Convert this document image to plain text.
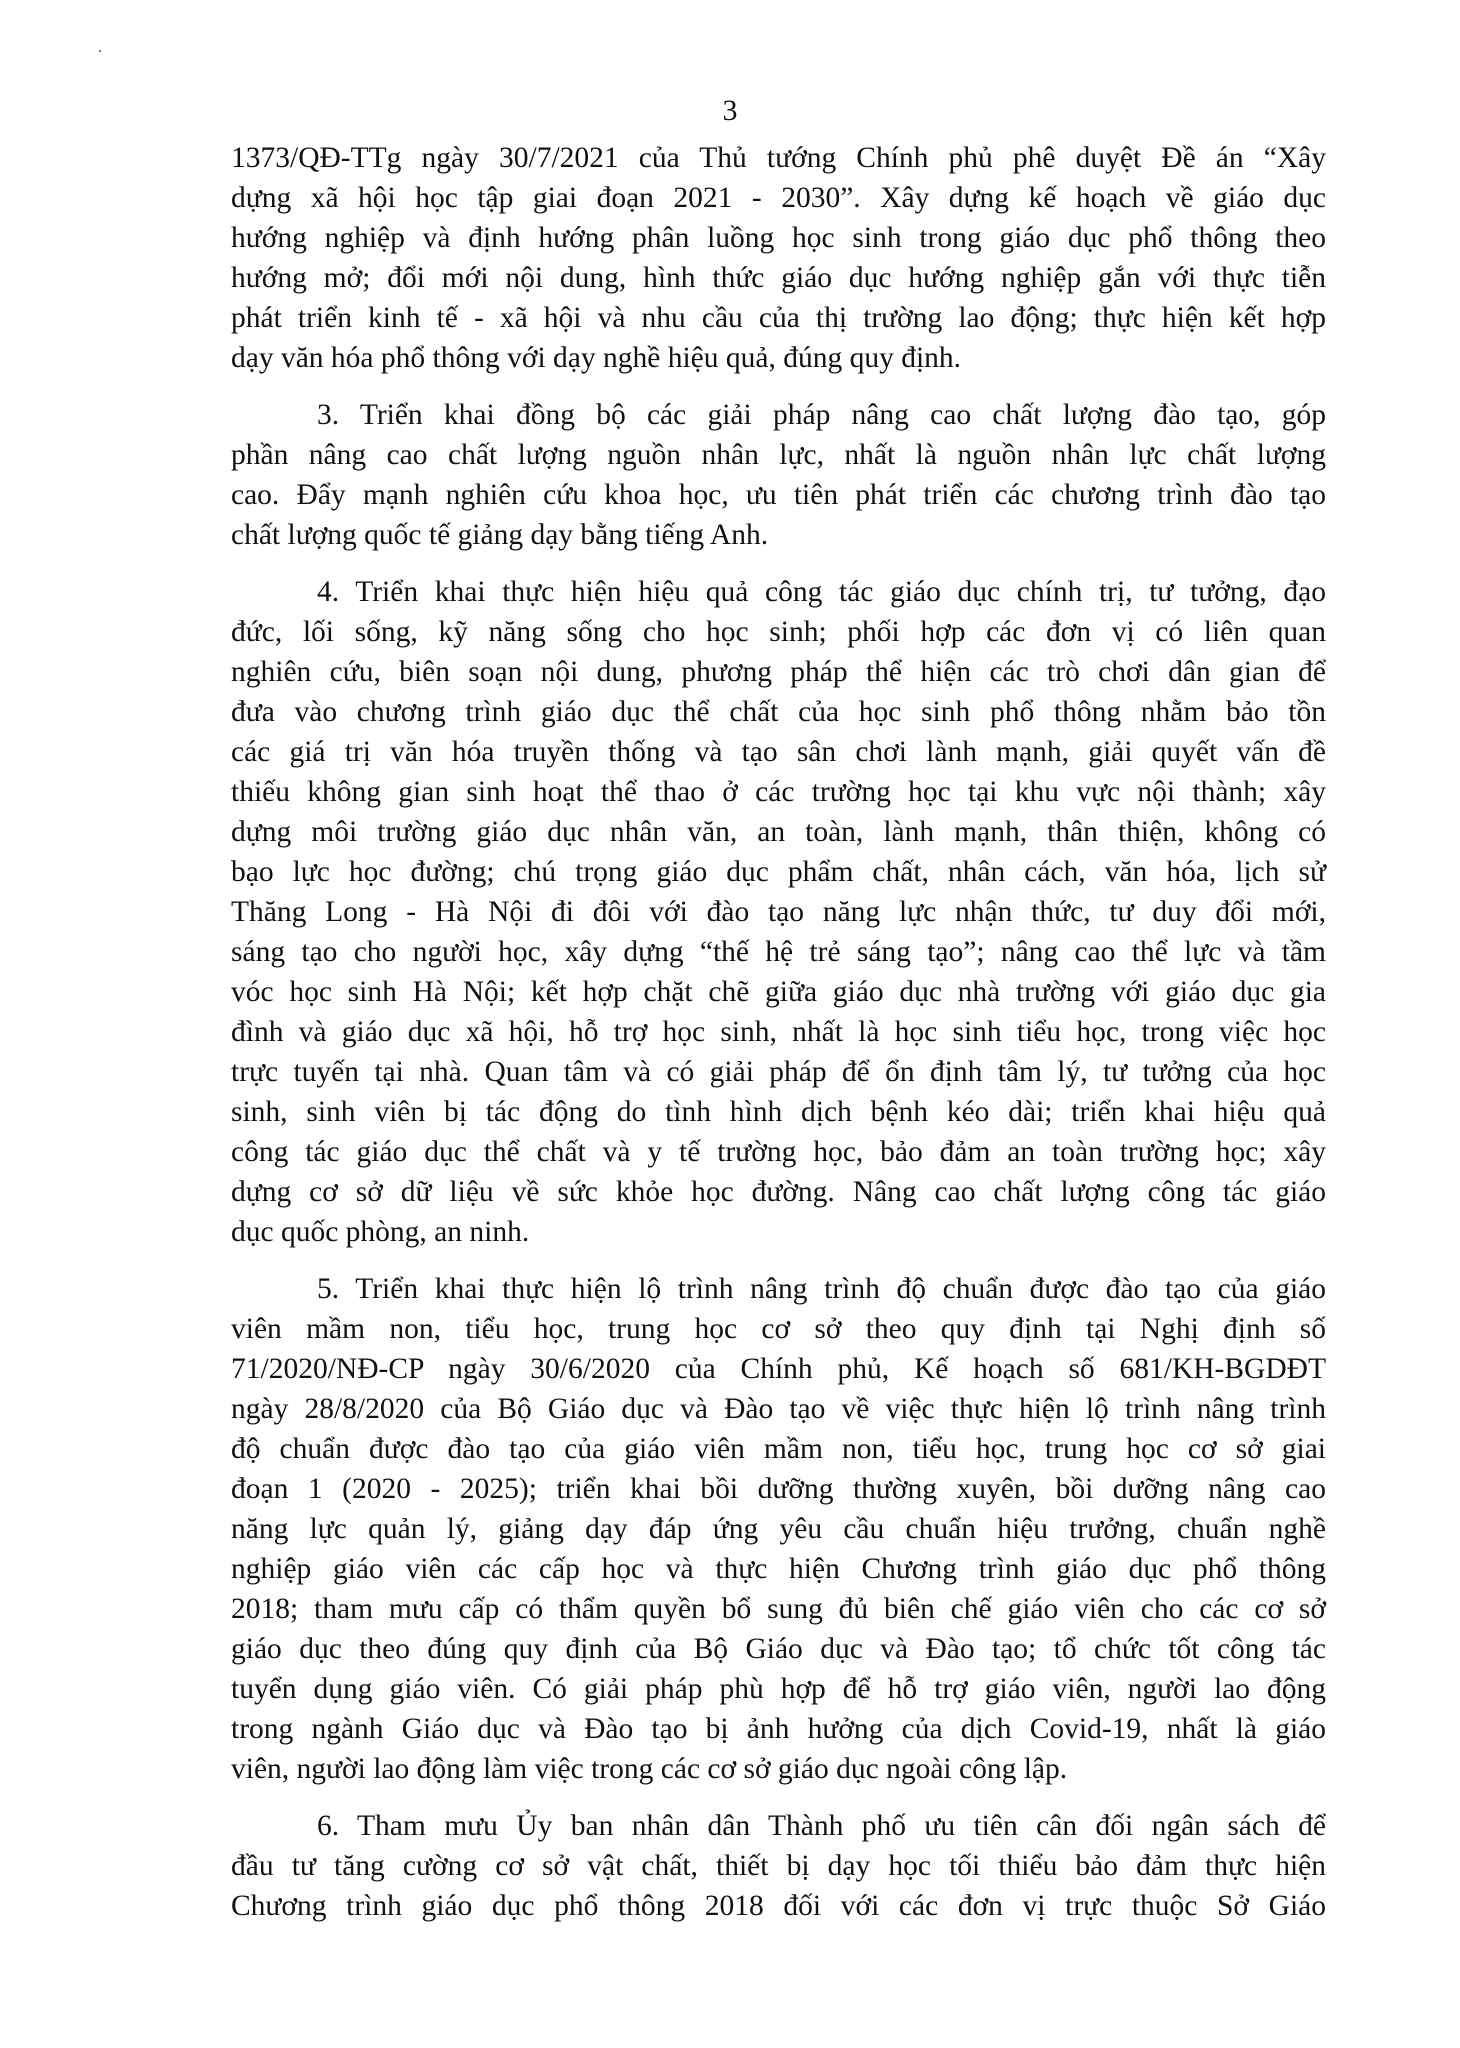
3
1373/QĐ-TTg ngày 30/7/2021 của Thủ tướng Chính phủ phê duyệt Đề án “Xây
dựng xã hội học tập giai đoạn 2021 - 2030”. Xây dựng kế hoạch về giáo dục
hướng nghiệp và định hướng phân luồng học sinh trong giáo dục phổ thông theo
hướng mở; đổi mới nội dung, hình thức giáo dục hướng nghiệp gắn với thực tiễn
phát triển kinh tế - xã hội và nhu cầu của thị trường lao động; thực hiện kết hợp
dạy văn hóa phổ thông với dạy nghề hiệu quả, đúng quy định.
3. Triển khai đồng bộ các giải pháp nâng cao chất lượng đào tạo, góp
phần nâng cao chất lượng nguồn nhân lực, nhất là nguồn nhân lực chất lượng
cao. Đẩy mạnh nghiên cứu khoa học, ưu tiên phát triển các chương trình đào tạo
chất lượng quốc tế giảng dạy bằng tiếng Anh.
4. Triển khai thực hiện hiệu quả công tác giáo dục chính trị, tư tưởng, đạo
đức, lối sống, kỹ năng sống cho học sinh; phối hợp các đơn vị có liên quan
nghiên cứu, biên soạn nội dung, phương pháp thể hiện các trò chơi dân gian để
đưa vào chương trình giáo dục thể chất của học sinh phổ thông nhằm bảo tồn
các giá trị văn hóa truyền thống và tạo sân chơi lành mạnh, giải quyết vấn đề
thiếu không gian sinh hoạt thể thao ở các trường học tại khu vực nội thành; xây
dựng môi trường giáo dục nhân văn, an toàn, lành mạnh, thân thiện, không có
bạo lực học đường; chú trọng giáo dục phẩm chất, nhân cách, văn hóa, lịch sử
Thăng Long - Hà Nội đi đôi với đào tạo năng lực nhận thức, tư duy đổi mới,
sáng tạo cho người học, xây dựng “thế hệ trẻ sáng tạo”; nâng cao thể lực và tầm
vóc học sinh Hà Nội; kết hợp chặt chẽ giữa giáo dục nhà trường với giáo dục gia
đình và giáo dục xã hội, hỗ trợ học sinh, nhất là học sinh tiểu học, trong việc học
trực tuyến tại nhà. Quan tâm và có giải pháp để ổn định tâm lý, tư tưởng của học
sinh, sinh viên bị tác động do tình hình dịch bệnh kéo dài; triển khai hiệu quả
công tác giáo dục thể chất và y tế trường học, bảo đảm an toàn trường học; xây
dựng cơ sở dữ liệu về sức khỏe học đường. Nâng cao chất lượng công tác giáo
dục quốc phòng, an ninh.
5. Triển khai thực hiện lộ trình nâng trình độ chuẩn được đào tạo của giáo
viên mầm non, tiểu học, trung học cơ sở theo quy định tại Nghị định số
71/2020/NĐ-CP ngày 30/6/2020 của Chính phủ, Kế hoạch số 681/KH-BGDĐT
ngày 28/8/2020 của Bộ Giáo dục và Đào tạo về việc thực hiện lộ trình nâng trình
độ chuẩn được đào tạo của giáo viên mầm non, tiểu học, trung học cơ sở giai
đoạn 1 (2020 - 2025); triển khai bồi dưỡng thường xuyên, bồi dưỡng nâng cao
năng lực quản lý, giảng dạy đáp ứng yêu cầu chuẩn hiệu trưởng, chuẩn nghề
nghiệp giáo viên các cấp học và thực hiện Chương trình giáo dục phổ thông
2018; tham mưu cấp có thẩm quyền bổ sung đủ biên chế giáo viên cho các cơ sở
giáo dục theo đúng quy định của Bộ Giáo dục và Đào tạo; tổ chức tốt công tác
tuyển dụng giáo viên. Có giải pháp phù hợp để hỗ trợ giáo viên, người lao động
trong ngành Giáo dục và Đào tạo bị ảnh hưởng của dịch Covid-19, nhất là giáo
viên, người lao động làm việc trong các cơ sở giáo dục ngoài công lập.
6. Tham mưu Ủy ban nhân dân Thành phố ưu tiên cân đối ngân sách để
đầu tư tăng cường cơ sở vật chất, thiết bị dạy học tối thiểu bảo đảm thực hiện
Chương trình giáo dục phổ thông 2018 đối với các đơn vị trực thuộc Sở Giáo
